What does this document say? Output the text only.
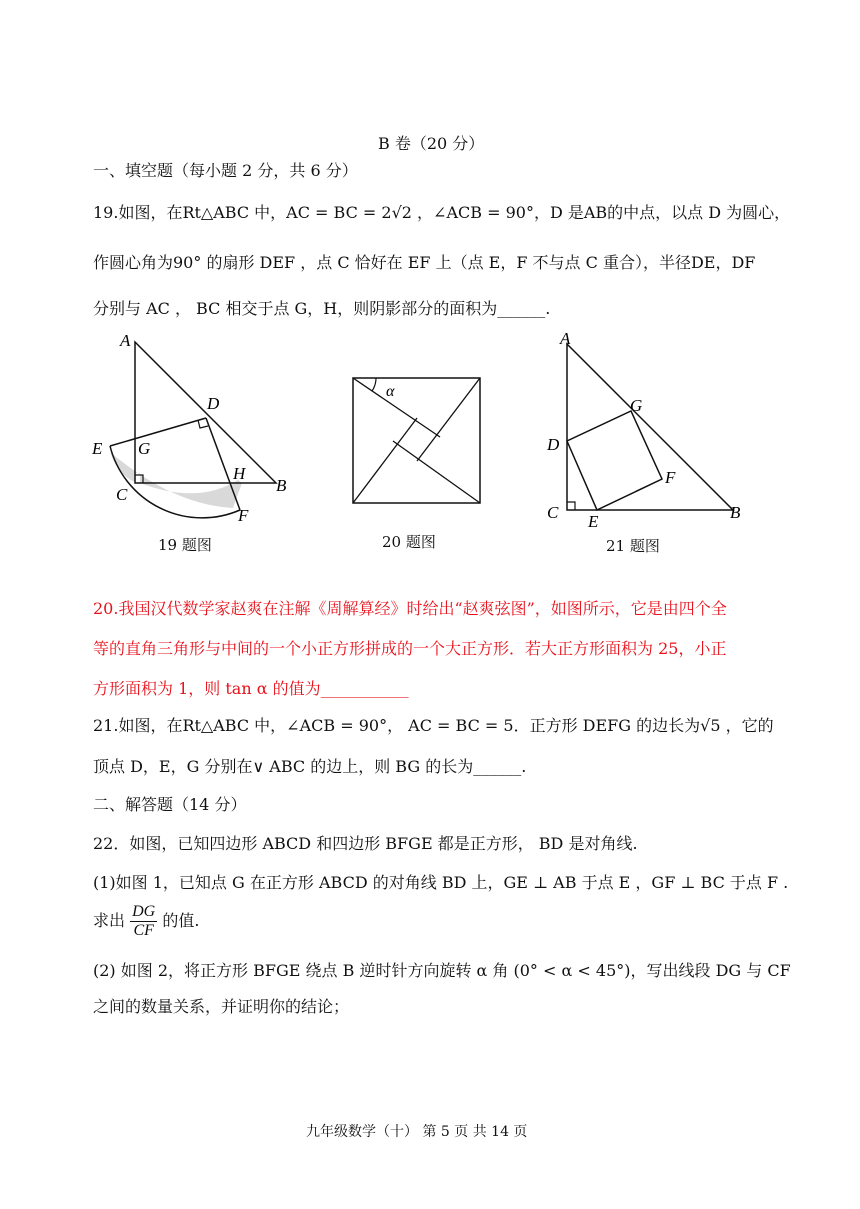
B 卷（20 分）
一、填空题（每小题 2 分，共 6 分）
19.如图，在Rt△ABC 中，AC = BC = 2√2 ，∠ACB = 90°，D 是AB的中点，以点 D 为圆心，
作圆心角为90° 的扇形 DEF ，点 C 恰好在 EF 上（点 E，F 不与点 C 重合），半径DE，DF
分别与 AC ， BC 相交于点 G，H，则阴影部分的面积为______.
A
D
E G
H
B
C
F
19 题图
α
20 题图
A
G
D
F
C E	B
21 题图
20.我国汉代数学家赵爽在注解《周解算经》时给出“赵爽弦图”，如图所示，它是由四个全
等的直角三角形与中间的一个小正方形拼成的一个大正方形．若大正方形面积为 25，小正
方形面积为 1，则 tan α 的值为___________
21.如图，在Rt△ABC 中，∠ACB = 90°， AC = BC = 5．正方形 DEFG 的边长为√5 ，它的
顶点 D，E，G 分别在∨ ABC 的边上，则 BG 的长为______.
二、解答题（14 分）
22．如图，已知四边形 ABCD 和四边形 BFGE 都是正方形， BD 是对角线.
(1)如图 1，已知点 G 在正方形 ABCD 的对角线 BD 上，GE ⊥ AB 于点 E ，GF ⊥ BC 于点 F .
求出 $\frac{DG}{CF}$ 的值.
(2) 如图 2，将正方形 BFGE 绕点 B 逆时针方向旋转 α 角 (0° < α < 45°)，写出线段 DG 与 CF
之间的数量关系，并证明你的结论；
九年级数学（十） 第 5 页 共 14 页
